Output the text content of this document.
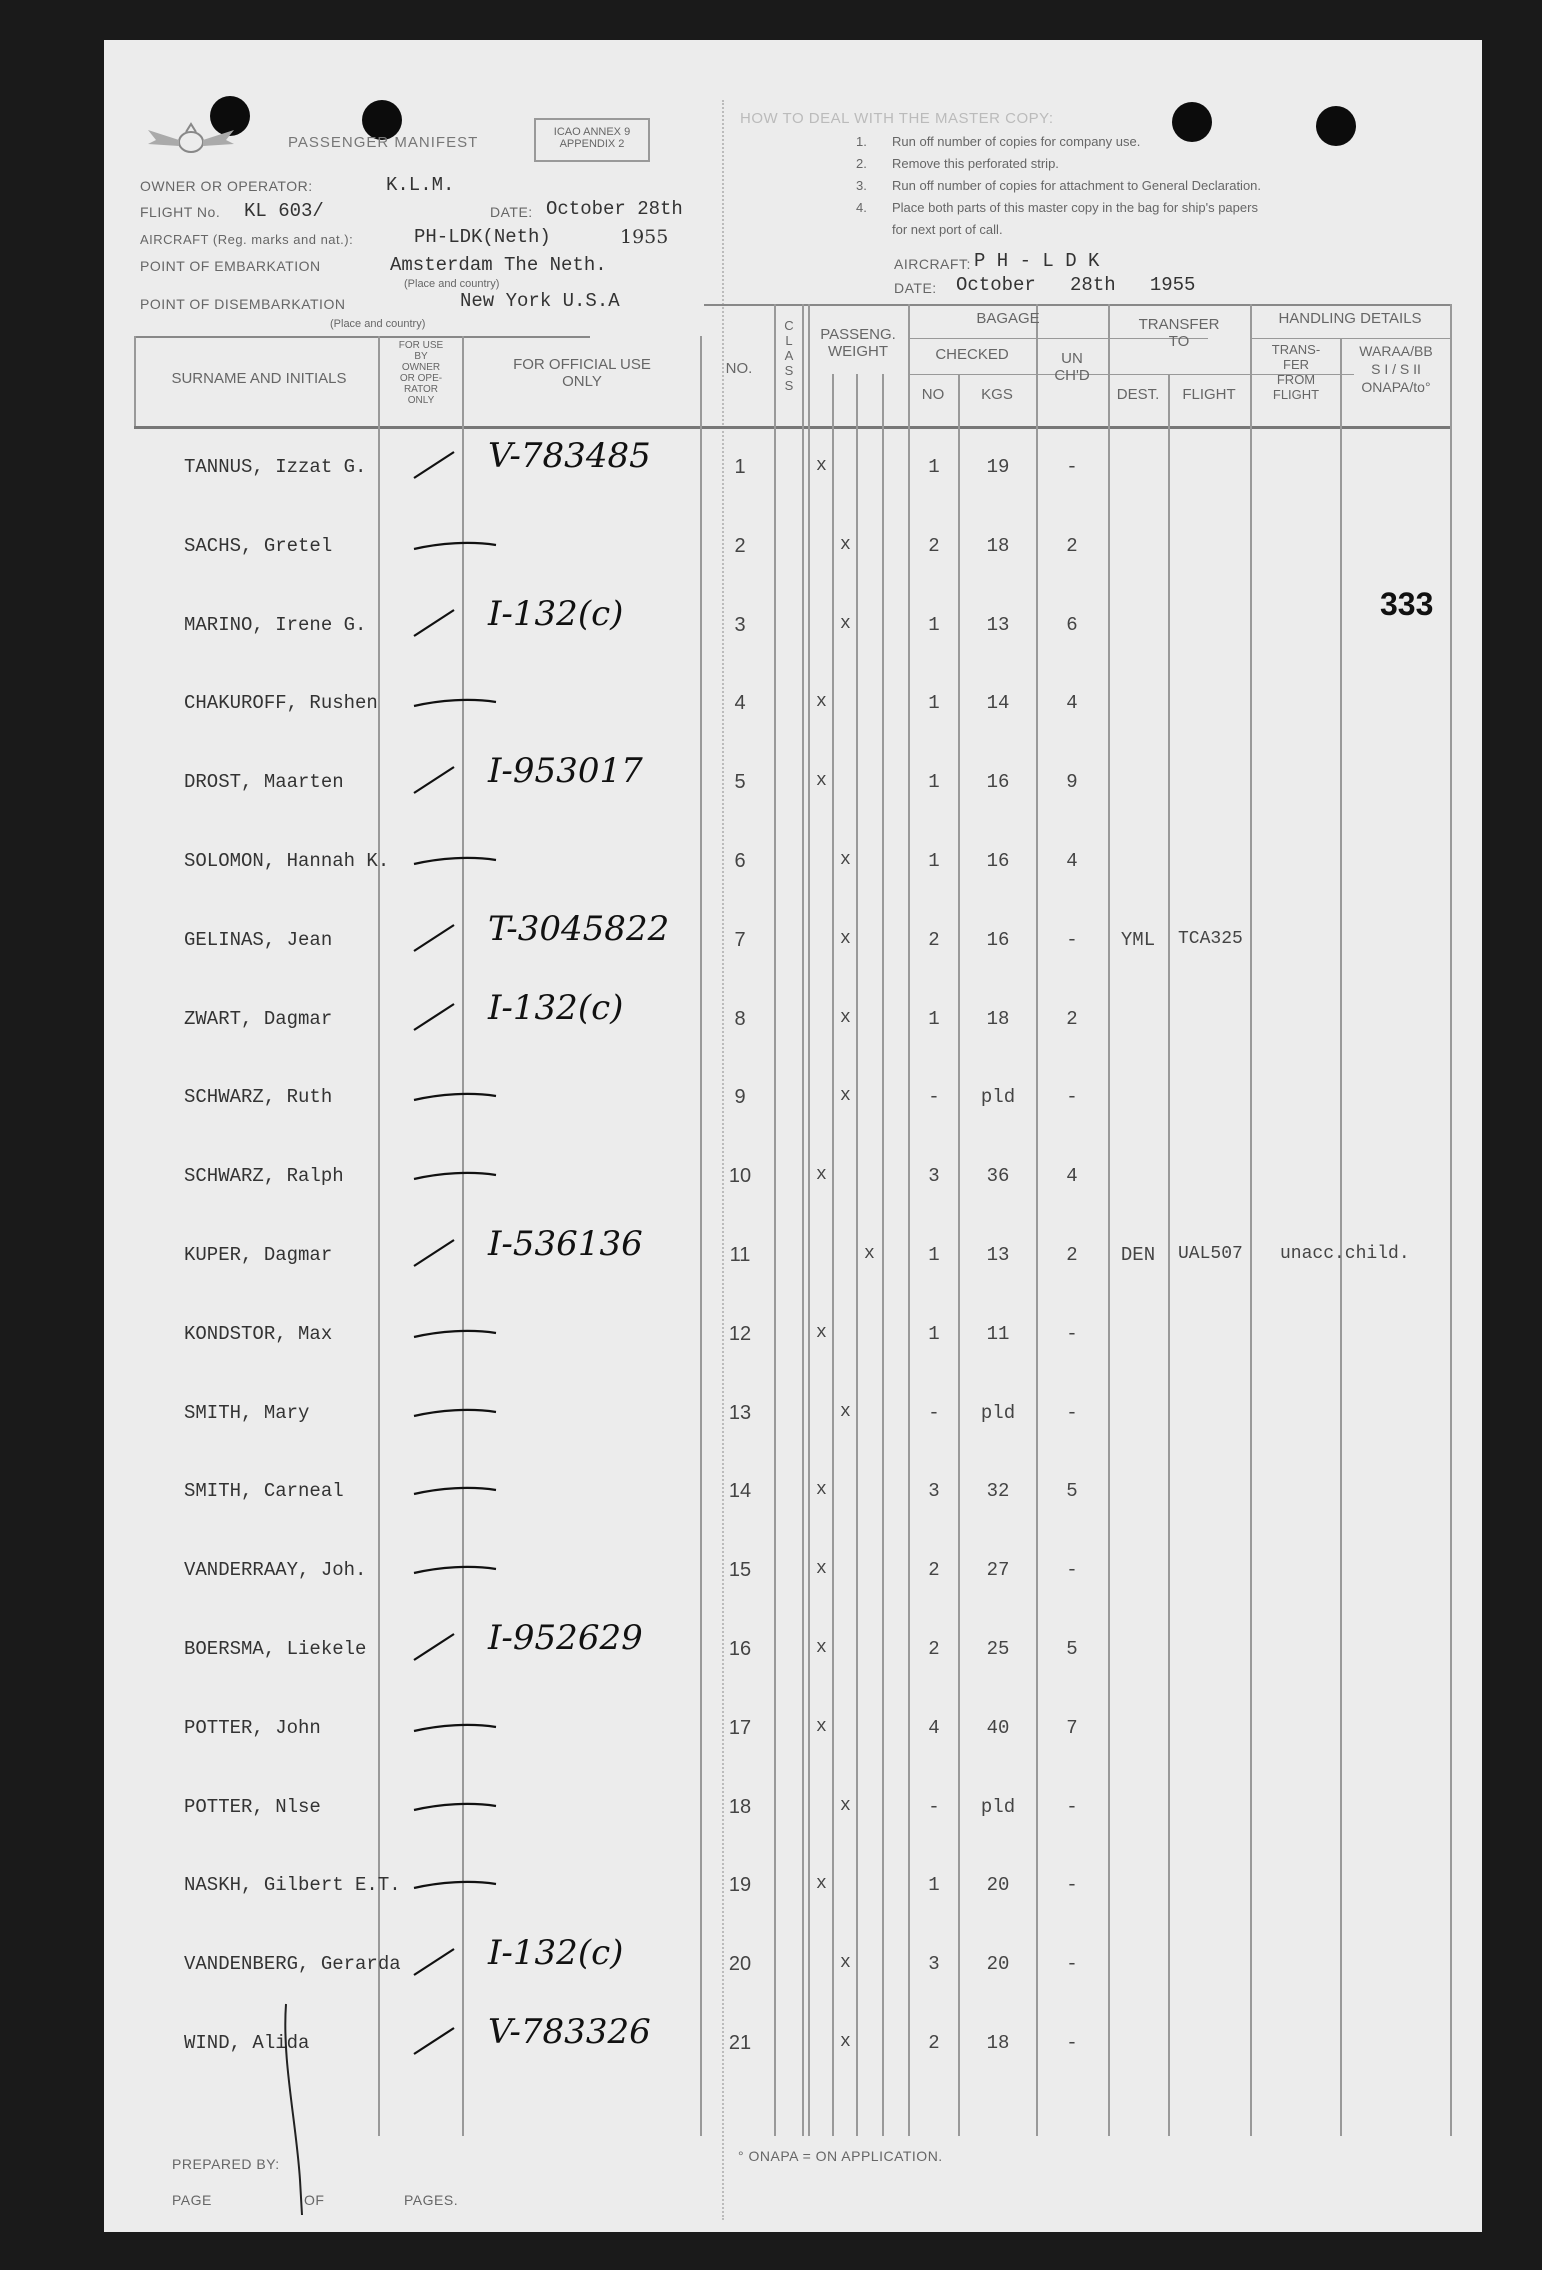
PASSENGER MANIFEST
ICAO ANNEX 9
APPENDIX 2
OWNER OR OPERATOR:	K.L.M.
FLIGHT No. KL 603/	DATE: October 28th
AIRCRAFT (Reg. marks and nat.):	PH-LDK(Neth)	1955
POINT OF EMBARKATION	Amsterdam The Neth.
(Place and country)
POINT OF DISEMBARKATION	New York U.S.A
(Place and country)
HOW TO DEAL WITH THE MASTER COPY:
1. Run off number of copies for company use.
2. Remove this perforated strip.
3. Run off number of copies for attachment to General Declaration.
4. Place both parts of this master copy in the bag for ship's papers
for next port of call.
AIRCRAFT: P H - L D K
DATE: October   28th   1955
SURNAME AND INITIALS
FOR USE
BY
OWNER
OR OPE-
RATOR
ONLY
FOR OFFICIAL USE
ONLY
NO.
C
L
A
S
S
PASSENG.
WEIGHT
BAGAGE
CHECKED
NO	KGS
UN
CH'D
TRANSFER
TO
DEST.	FLIGHT
HANDLING DETAILS
TRANS-
FER
FROM
FLIGHT
WARAA/BB
S I / S II
ONAPA/to°
333
TANNUS, Izzat G.	V-783485	1	x	1	19	-
SACHS, Gretel	2	x	2	18	2
MARINO, Irene G.	I-132(c)	3	x	1	13	6
CHAKUROFF, Rushen	4	x	1	14	4
DROST, Maarten	I-953017	5	x	1	16	9
SOLOMON, Hannah K.	6	x	1	16	4
GELINAS, Jean	T-3045822	7	x	2	16	-	YML TCA325
ZWART, Dagmar	I-132(c)	8	x	1	18	2
SCHWARZ, Ruth	9	x	-	pld	-
SCHWARZ, Ralph	10	x	3	36	4
KUPER, Dagmar	I-536136	11	x	1	13	2	DEN UAL507 unacc.child.
KONDSTOR, Max	12	x	1	11	-
SMITH, Mary	13	x	-	pld	-
SMITH, Carneal	14	x	3	32	5
VANDERRAAY, Joh.	15	x	2	27	-
BOERSMA, Liekele	I-952629	16	x	2	25	5
POTTER, John	17	x	4	40	7
POTTER, Nlse	18	x	-	pld	-
NASKH, Gilbert E.T.	19	x	1	20	-
VANDENBERG, Gerarda	I-132(c)	20	x	3	20	-
WIND, Alida	V-783326	21	x	2	18	-
PREPARED BY:
PAGE	OF	PAGES.
° ONAPA = ON APPLICATION.
